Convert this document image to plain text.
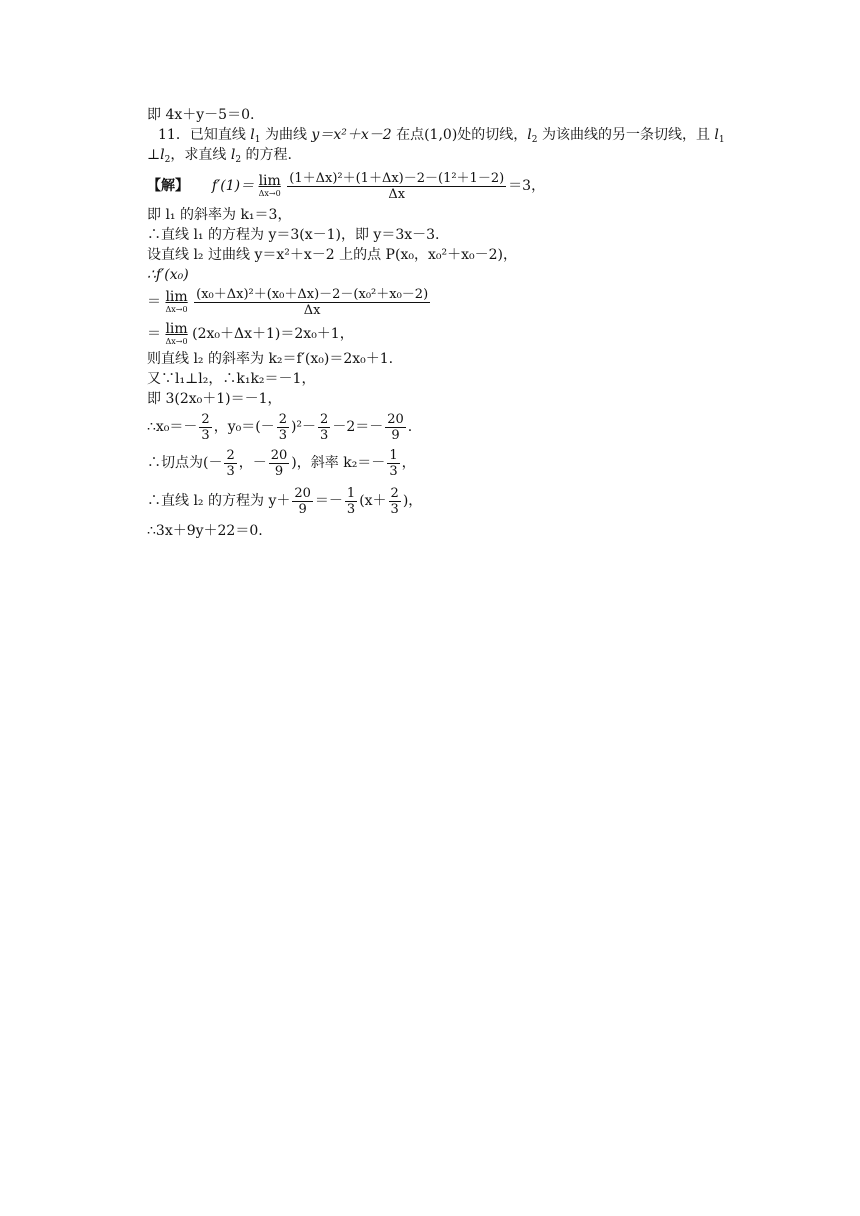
即 4x＋y－5＝0.
11．已知直线 $l_1$ 为曲线 y＝x²＋x－2 在点(1,0)处的切线，$l_2$ 为该曲线的另一条切线，且 $l_1$
$\perp l_2$，求直线 $l_2$ 的方程.
【解】 f′(1)＝ lim
Δx→0
$\frac{\text{(1＋Δx)²＋(1＋Δx)－2－(1²＋1－2)}}{\Delta x} =3$，
即 l₁ 的斜率为 k₁＝3，
∴直线 l₁ 的方程为 y＝3(x－1)，即 y＝3x－3.
设直线 l₂ 过曲线 y＝x²＋x－2 上的点 P(x₀，x₀²＋x₀－2)，
∴f′(x₀)
＝ lim
Δx→0
$\frac{\text{(x₀＋Δx)²＋(x₀＋Δx)－2－(x₀²＋x₀－2)}}{\Delta x}$
＝ lim
Δx→0 (2x₀＋Δx＋1)＝2x₀＋1，
则直线 l₂ 的斜率为 k₂＝f′(x₀)＝2x₀＋1.
又∵l₁⊥l₂，∴k₁k₂＝－1，
即 3(2x₀＋1)＝－1，
∴x₀＝－ $\frac{2}{3}$ ，$y_0=(- \frac{2}{3} )^2- \frac{2}{3} -2=- \frac{20}{9}$ .
∴切点为(－ $\frac{2}{3}$ ，－ $\frac{20}{9}$ )，斜率 $k_2=- \frac{1}{3}$ ，
∴直线 l₂ 的方程为 $y+ \frac{20}{9} =- \frac{1}{3} (x+ \frac{2}{3}$ )，
∴3x＋9y＋22＝0.
